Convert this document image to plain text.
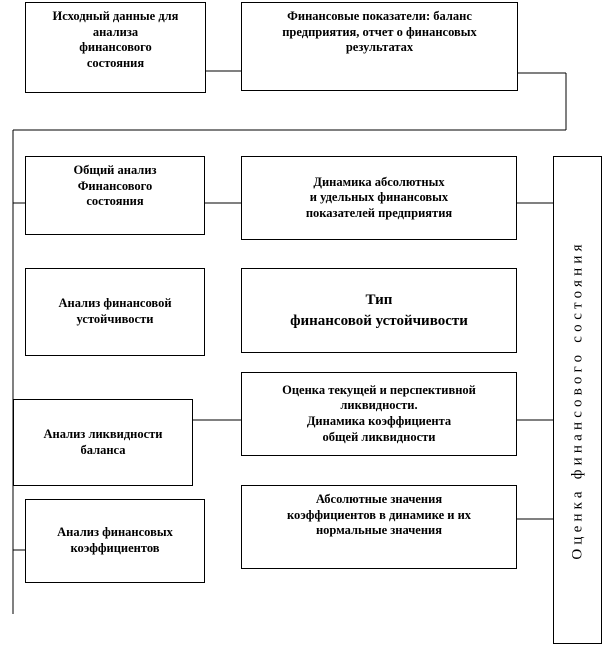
Исходный данные для
анализа
финансового
состояния
Финансовые показатели: баланс
предприятия, отчет о финансовых
результатах
Общий анализ
Финансового
состояния
Динамика абсолютных
и удельных финансовых
показателей предприятия
Анализ финансовой
устойчивости
Тип
финансовой устойчивости
Анализ ликвидности
баланса
Оценка текущей и перспективной
ликвидности.
Динамика коэффициента
общей ликвидности
Анализ финансовых
коэффициентов
Абсолютные значения
коэффициентов в динамике и их
нормальные значения	Оценка финансового состояния
